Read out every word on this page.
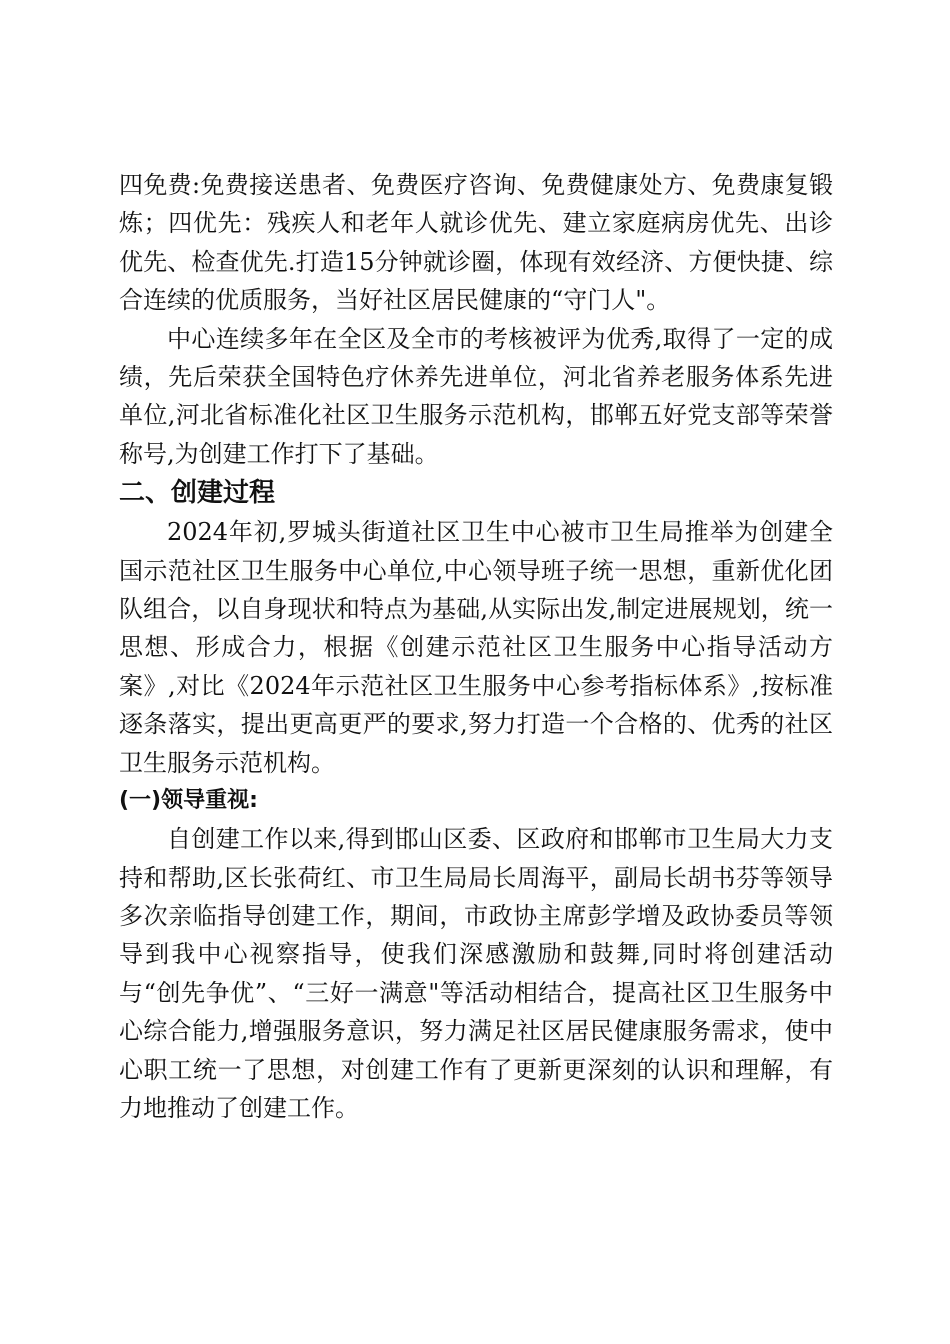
四免费:免费接送患者、免费医疗咨询、免费健康处方、免费康复锻炼；四优先：残疾人和老年人就诊优先、建立家庭病房优先、出诊优先、检查优先.打造15分钟就诊圈，体现有效经济、方便快捷、综合连续的优质服务，当好社区居民健康的“守门人"。

中心连续多年在全区及全市的考核被评为优秀,取得了一定的成绩，先后荣获全国特色疗休养先进单位，河北省养老服务体系先进单位,河北省标准化社区卫生服务示范机构，邯郸五好党支部等荣誉称号,为创建工作打下了基础。

二、创建过程

2024年初,罗城头街道社区卫生中心被市卫生局推举为创建全国示范社区卫生服务中心单位,中心领导班子统一思想，重新优化团队组合，以自身现状和特点为基础,从实际出发,制定进展规划，统一思想、形成合力，根据《创建示范社区卫生服务中心指导活动方案》,对比《2024年示范社区卫生服务中心参考指标体系》,按标准逐条落实，提出更高更严的要求,努力打造一个合格的、优秀的社区卫生服务示范机构。

(一)领导重视:

自创建工作以来,得到邯山区委、区政府和邯郸市卫生局大力支持和帮助,区长张荷红、市卫生局局长周海平，副局长胡书芬等领导多次亲临指导创建工作，期间，市政协主席彭学增及政协委员等领导到我中心视察指导，使我们深感激励和鼓舞,同时将创建活动与“创先争优”、“三好一满意"等活动相结合，提高社区卫生服务中心综合能力,增强服务意识，努力满足社区居民健康服务需求，使中心职工统一了思想，对创建工作有了更新更深刻的认识和理解，有力地推动了创建工作。
